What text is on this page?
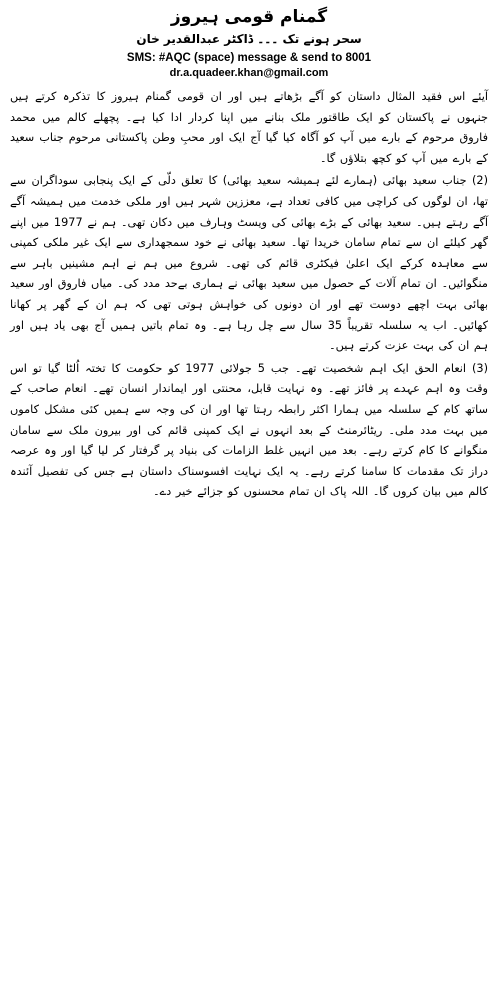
گمنام قومی ہیروز

سحر ہونے تک ۔۔۔ ڈاکٹر عبدالقدیر خان

SMS: #AQC (space) message & send to 8001

dr.a.quadeer.khan@gmail.com

آیئے اس فقید المثال داستان کو آگے بڑھاتے ہیں اور ان قومی گمنام ہیروز کا تذکرہ کرتے ہیں جنہوں نے پاکستان کو ایک طاقتور ملک بنانے میں اپنا کردار ادا کیا ہے۔ پچھلے کالم میں محمد فاروق مرحوم کے بارے میں آپ کو آگاہ کیا گیا آج ایک اور محبِ وطن پاکستانی مرحوم جناب سعید کے بارے میں آپ کو کچھ بتلاؤں گا۔

(2) جناب سعید بھائی (ہمارے لئے ہمیشہ سعید بھائی) کا تعلق دلّی کے ایک پنجابی سوداگران سے تھا، ان لوگوں کی کراچی میں کافی تعداد ہے، معززین شہر ہیں اور ملکی خدمت میں ہمیشہ آگے آگے رہتے ہیں۔ سعید بھائی کے بڑے بھائی کی ویسٹ وہارف میں دکان تھی۔ ہم نے 1977 میں اپنے گھر کیلئے ان سے تمام سامان خریدا تھا۔ سعید بھائی نے خود سمجھداری سے ایک غیر ملکی کمپنی سے معاہدہ کرکے ایک اعلیٰ فیکٹری قائم کی تھی۔ شروع میں ہم نے اہم مشینیں باہر سے منگوائیں۔ ان تمام آلات کے حصول میں سعید بھائی نے ہماری بےحد مدد کی۔ میاں فاروق اور سعید بھائی بہت اچھے دوست تھے اور ان دونوں کی خواہش ہوتی تھی کہ ہم ان کے گھر پر کھانا کھائیں۔ اب یہ سلسلہ تقریباً 35 سال سے چل رہا ہے۔ وہ تمام باتیں ہمیں آج بھی یاد ہیں اور ہم ان کی بہت عزت کرتے ہیں۔

(3) انعام الحق ایک اہم شخصیت تھے۔ جب 5 جولائی 1977 کو حکومت کا تختہ اُلٹا گیا تو اس وقت وہ اہم عہدے پر فائز تھے۔ وہ نہایت قابل، محنتی اور ایماندار انسان تھے۔ انعام صاحب کے ساتھ کام کے سلسلہ میں ہمارا اکثر رابطہ رہتا تھا اور ان کی وجہ سے ہمیں کئی مشکل کاموں میں بہت مدد ملی۔ ریٹائرمنٹ کے بعد انہوں نے ایک کمپنی قائم کی اور بیرون ملک سے سامان منگوانے کا کام کرتے رہے۔ بعد میں انہیں غلط الزامات کی بنیاد پر گرفتار کر لیا گیا اور وہ عرصہ دراز تک مقدمات کا سامنا کرتے رہے۔ یہ ایک نہایت افسوسناک داستان ہے جس کی تفصیل آئندہ کالم میں بیان کروں گا۔ اللہ پاک ان تمام محسنوں کو جزائے خیر دے۔
